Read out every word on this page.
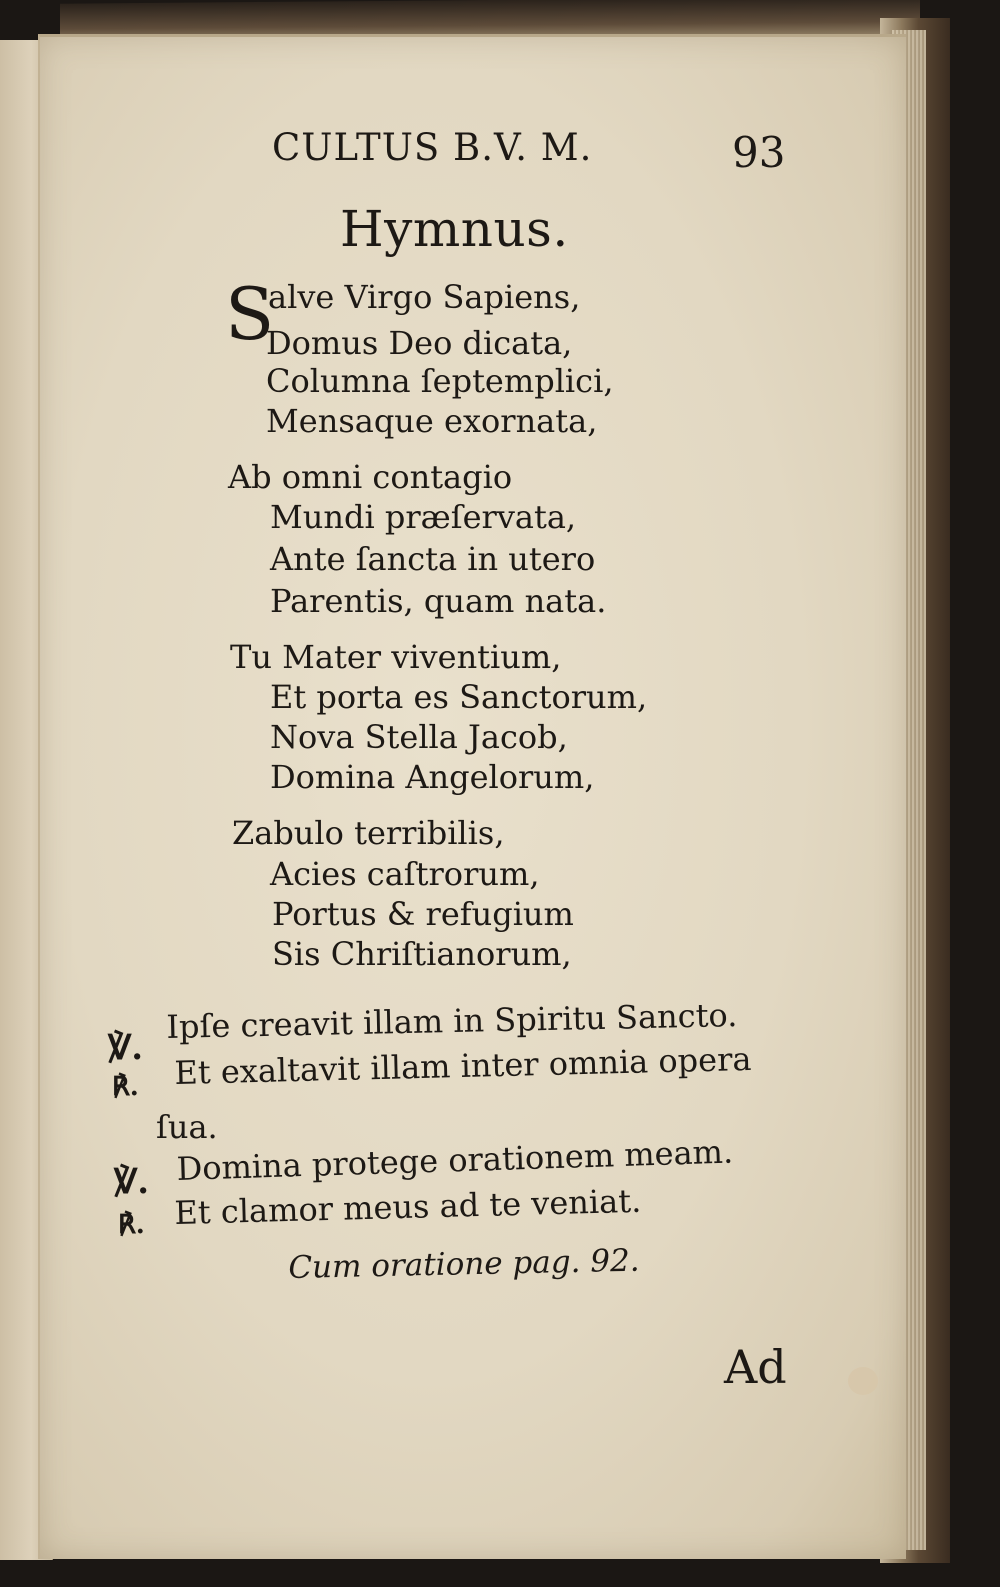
CULTUS B.V. M.	93
Hymnus.
S
alve Virgo Sapiens,
Domus Deo dicata,
Columna ſeptemplici,
Mensaque exornata,
Ab omni contagio
Mundi præſervata,
Ante ſancta in utero
Parentis, quam nata.
Tu Mater viventium,
Et porta es Sanctorum,
Nova Stella Jacob,
Domina Angelorum,
Zabulo terribilis,
Acies caſtrorum,
Portus & refugium
Sis Chriſtianorum,
℣.
Ipſe creavit illam in Spiritu Sancto.
℟. Et exaltavit illam inter omnia opera
ſua.
℣. Domina protege orationem meam.
℟. Et clamor meus ad te veniat.
Cum oratione pag. 92.
Ad
